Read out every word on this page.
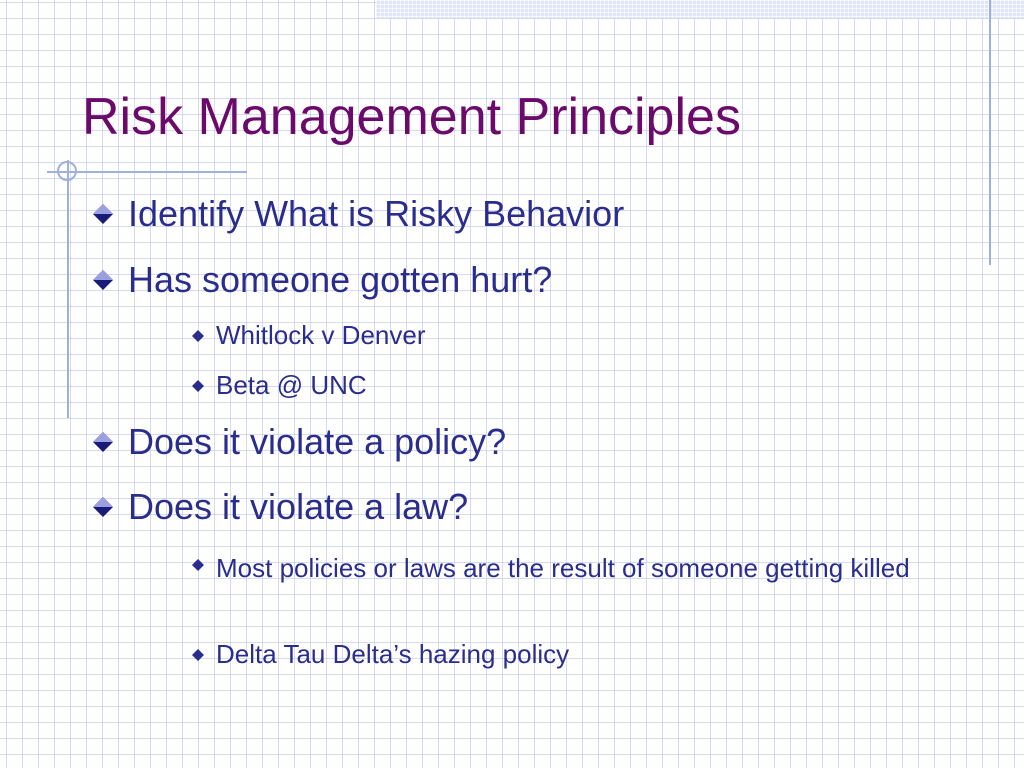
Risk Management Principles
Identify What is Risky Behavior
Has someone gotten hurt?
Whitlock v Denver
Beta @ UNC
Does it violate a policy?
Does it violate a law?
Most policies or laws are the result of someone getting killed
Delta Tau Delta’s hazing policy
